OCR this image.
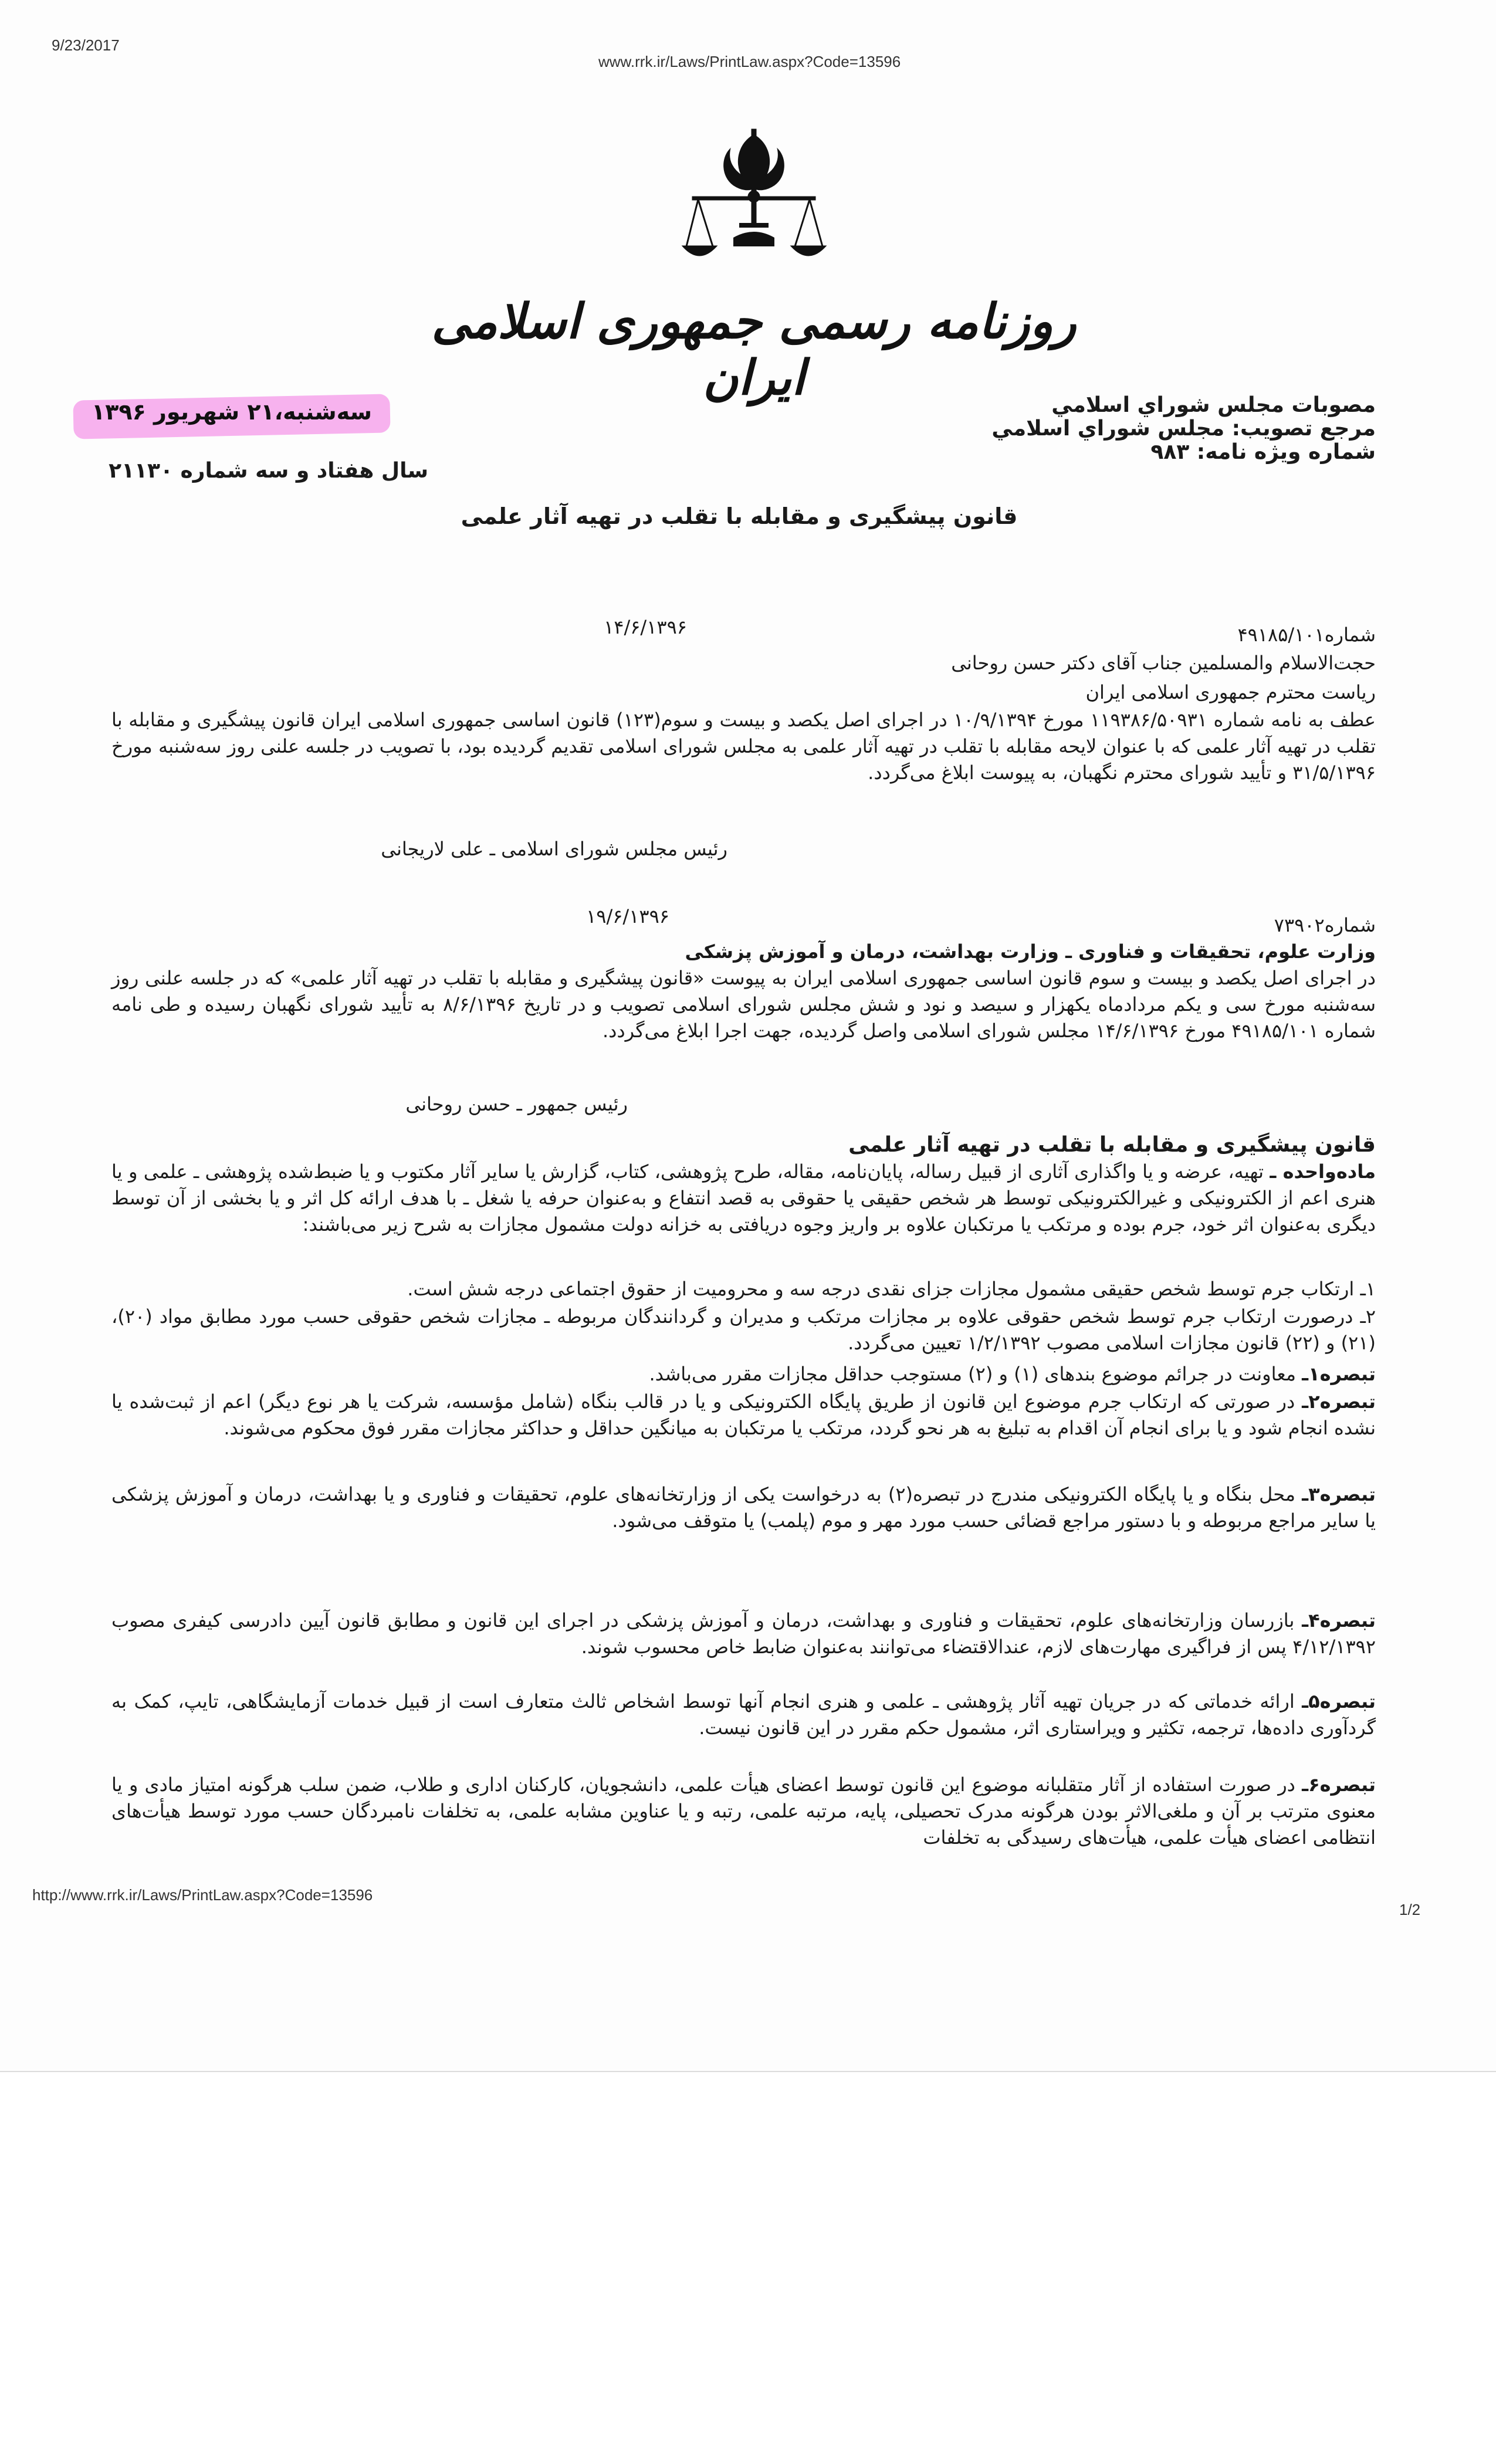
9/23/2017
www.rrk.ir/Laws/PrintLaw.aspx?Code=13596
http://www.rrk.ir/Laws/PrintLaw.aspx?Code=13596
1/2
روزنامه رسمی جمهوری اسلامی ایران	مصوبات مجلس شوراي اسلامي
مرجع تصويب: مجلس شوراي اسلامي
شماره ويژه نامه: ۹۸۳
سه‌شنبه،۲۱ شهریور ۱۳۹۶
سال هفتاد و سه شماره ۲۱۱۳۰
قانون پیشگیری و مقابله با تقلب در تهیه آثار علمی
شماره۴۹۱۸۵/۱۰۱
۱۴/۶/۱۳۹۶
حجت‌الاسلام والمسلمین جناب آقای دکتر حسن روحانی
ریاست محترم جمهوری اسلامی ایران
عطف به نامه شماره ۱۱۹۳۸۶/۵۰۹۳۱ مورخ ۱۰/۹/۱۳۹۴ در اجرای اصل یکصد و بیست و سوم(۱۲۳) قانون اساسی جمهوری اسلامی ایران قانون پیشگیری و مقابله با تقلب در تهیه آثار علمی که با عنوان لایحه مقابله با تقلب در تهیه آثار علمی به مجلس شورای اسلامی تقدیم گردیده بود، با تصویب در جلسه علنی روز سه‌شنبه مورخ ۳۱/۵/۱۳۹۶ و تأیید شورای محترم نگهبان، به پیوست ابلاغ می‌گردد.
رئیس مجلس شورای اسلامی ـ علی لاریجانی
شماره۷۳۹۰۲
۱۹/۶/۱۳۹۶
وزارت علوم، تحقیقات و فناوری ـ وزارت بهداشت، درمان و آموزش پزشکی
در اجرای اصل یکصد و بیست و سوم قانون اساسی جمهوری اسلامی ایران به پیوست «قانون پیشگیری و مقابله با تقلب در تهیه آثار علمی» که در جلسه علنی روز سه‌شنبه مورخ سی و یکم مردادماه یکهزار و سیصد و نود و شش مجلس شورای اسلامی تصویب و در تاریخ ۸/۶/۱۳۹۶ به تأیید شورای نگهبان رسیده و طی نامه شماره ۴۹۱۸۵/۱۰۱ مورخ ۱۴/۶/۱۳۹۶ مجلس شورای اسلامی واصل گردیده، جهت اجرا ابلاغ می‌گردد.
رئیس جمهور ـ حسن روحانی
قانون پیشگیری و مقابله با تقلب در تهیه آثار علمی
ماده‌واحده ـ تهیه، عرضه و یا واگذاری آثاری از قبیل رساله، پایان‌نامه، مقاله، طرح پژوهشی، کتاب، گزارش یا سایر آثار مکتوب و یا ضبط‌شده پژوهشی ـ علمی و یا هنری اعم از الکترونیکی و غیرالکترونیکی توسط هر شخص حقیقی یا حقوقی به قصد انتفاع و به‌عنوان حرفه یا شغل ـ با هدف ارائه کل اثر و یا بخشی از آن توسط دیگری به‌عنوان اثر خود، جرم بوده و مرتکب یا مرتکبان علاوه بر واریز وجوه دریافتی به خزانه دولت مشمول مجازات به شرح زیر می‌باشند:
۱ـ ارتکاب جرم توسط شخص حقیقی مشمول مجازات جزای نقدی درجه سه و محرومیت از حقوق اجتماعی درجه شش است.
۲ـ درصورت ارتکاب جرم توسط شخص حقوقی علاوه بر مجازات مرتکب و مدیران و گردانندگان مربوطه ـ مجازات شخص حقوقی حسب مورد مطابق مواد (۲۰)، (۲۱) و (۲۲) قانون مجازات اسلامی مصوب ۱/۲/۱۳۹۲ تعیین می‌گردد.
تبصره۱ـ معاونت در جرائم موضوع بندهای (۱) و (۲) مستوجب حداقل مجازات مقرر می‌باشد.
تبصره۲ـ در صورتی که ارتکاب جرم موضوع این قانون از طریق پایگاه الکترونیکی و یا در قالب بنگاه (شامل مؤسسه، شرکت یا هر نوع دیگر) اعم از ثبت‌شده یا نشده انجام شود و یا برای انجام آن اقدام به تبلیغ به هر نحو گردد، مرتکب یا مرتکبان به میانگین حداقل و حداکثر مجازات مقرر فوق محکوم می‌شوند.
تبصره۳ـ محل بنگاه و یا پایگاه الکترونیکی مندرج در تبصره(۲) به درخواست یکی از وزارتخانه‌های علوم، تحقیقات و فناوری و یا بهداشت، درمان و آموزش پزشکی یا سایر مراجع مربوطه و با دستور مراجع قضائی حسب مورد مهر و موم (پلمب) یا متوقف می‌شود.
تبصره۴ـ بازرسان وزارتخانه‌های علوم، تحقیقات و فناوری و بهداشت، درمان و آموزش پزشکی در اجرای این قانون و مطابق قانون آیین دادرسی کیفری مصوب ۴/۱۲/۱۳۹۲ پس از فراگیری مهارت‌های لازم، عندالاقتضاء می‌توانند به‌عنوان ضابط خاص محسوب شوند.
تبصره۵ـ ارائه خدماتی که در جریان تهیه آثار پژوهشی ـ علمی و هنری انجام آنها توسط اشخاص ثالث متعارف است از قبیل خدمات آزمایشگاهی، تایپ، کمک به گردآوری داده‌ها، ترجمه، تکثیر و ویراستاری اثر، مشمول حکم مقرر در این قانون نیست.
تبصره۶ـ در صورت استفاده از آثار متقلبانه موضوع این قانون توسط اعضای هیأت علمی، دانشجویان، کارکنان اداری و طلاب، ضمن سلب هرگونه امتیاز مادی و یا معنوی مترتب بر آن و ملغی‌الاثر بودن هرگونه مدرک تحصیلی، پایه، مرتبه علمی، رتبه و یا عناوین مشابه علمی، به تخلفات نامبردگان حسب مورد توسط هیأت‌های انتظامی اعضای هیأت علمی، هیأت‌های رسیدگی به تخلفات
